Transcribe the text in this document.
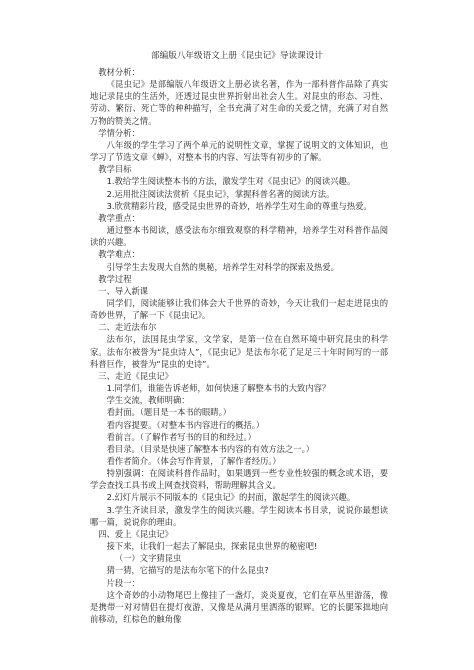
部编版八年级语文上册《昆虫记》导读课设计

教材分析：

《昆虫记》是部编版八年级语文上册必读名著，作为一部科普作品除了真实地记录昆虫的生活外，还透过昆虫世界折射出社会人生。对昆虫的形态、习性、劳动、繁衍、死亡等的种种描写，全书充满了对生命的关爱之情，充满了对自然万物的赞美之情。

学情分析：

八年级的学生学习了两个单元的说明性文章，掌握了说明文的文体知识，也学习了节选文章《蝉》，对整本书的内容、写法等有初步的了解。

教学目标

1.教给学生阅读整本书的方法，激发学生对《昆虫记》的阅读兴趣。

2.运用批注阅读法赏析《昆虫记》，掌握科普名著的阅读方法。

3.欣赏精彩片段，感受昆虫世界的奇妙，培养学生对生命的尊重与热爱。

教学重点：

通过整本书阅读，感受法布尔细致观察的科学精神，培养学生对科普作品阅读的兴趣。

教学难点：

引导学生去发现大自然的奥秘，培养学生对科学的探索及热爱。

教学过程

一、导入新课

同学们，阅读能够让我们体会大千世界的奇妙，今天让我们一起走进昆虫的奇妙世界，了解一下《昆虫记》。

二、走近法布尔

法布尔，法国昆虫学家，文学家，是第一位在自然环境中研究昆虫的科学家。法布尔被誉为“昆虫诗人”，《昆虫记》是法布尔花了足足三十年时间写的一部科普巨作，被誉为“昆虫的史诗”。

三、走近《昆虫记》

1.同学们，谁能告诉老师，如何快速了解整本书的大致内容？

学生交流，教师明确：

看封面。（题目是一本书的眼睛。）

看内容提要。（对整本书内容进行的概括。）

看前言。（了解作者写书的目的和经过。）

看目录。（目录是快速了解整本书内容的有效方法之一。）

看作者简介。（体会写作背景，了解作者经历。）

特别强调：在阅读科普作品时，如果遇到一些专业性较强的概念或术语，要学会查找工具书或上网查找资料，帮助理解其含义。

2.幻灯片展示不同版本的《昆虫记》的封面，激起学生的阅读兴趣。

3.学生齐读目录，激发学生的阅读兴趣。学生阅读本书目录，说说你最想读哪一篇，说说你的理由。

四、爱上《昆虫记》

接下来，让我们一起去了解昆虫，探索昆虫世界的秘密吧!

（一）文字猜昆虫

猜一猜，它描写的是法布尔笔下的什么昆虫?

片段一：

这个奇妙的小动物尾巴上像挂了一盏灯，炎炎夏夜，它们在草丛里游荡，像是携带一对对情侣在提灯夜游，又像是从满月里洒落的银辉。它的长腿笨拙地向前移动，红棕色的触角像
